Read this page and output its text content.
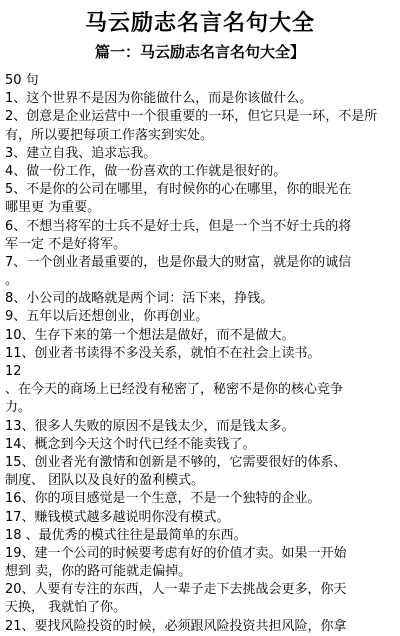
马云励志名言名句大全
篇一：马云励志名言名句大全】
50 句
1、这个世界不是因为你能做什么，而是你该做什么。
2、创意是企业运营中一个很重要的一环，但它只是一环，不是所
有，所以要把每项工作落实到实处。
3、建立自我、追求忘我。
4、做一份工作，做一份喜欢的工作就是很好的。
5、不是你的公司在哪里，有时候你的心在哪里，你的眼光在
哪里更 为重要。
6、不想当将军的士兵不是好士兵，但是一个当不好士兵的将
军一定 不是好将军。
7、一个创业者最重要的，也是你最大的财富，就是你的诚信
。
8、小公司的战略就是两个词：活下来，挣钱。
9、五年以后还想创业，你再创业。
10、生存下来的第一个想法是做好，而不是做大。
11、创业者书读得不多没关系，就怕不在社会上读书。
12
、在今天的商场上已经没有秘密了，秘密不是你的核心竞争
力。
13、很多人失败的原因不是钱太少，而是钱太多。
14、概念到今天这个时代已经不能卖钱了。
15、创业者光有激情和创新是不够的，它需要很好的体系、
制度、 团队以及良好的盈利模式。
16、你的项目感觉是一个生意，不是一个独特的企业。
17、赚钱模式越多越说明你没有模式。
18 、最优秀的模式往往是最简单的东西。
19、建一个公司的时候要考虑有好的价值才卖。如果一开始
想到 卖，你的路可能就走偏掉。
20、人要有专注的东西，人一辈子走下去挑战会更多，你天
天换， 我就怕了你。
21、要找风险投资的时候，必须跟风险投资共担风险，你拿
